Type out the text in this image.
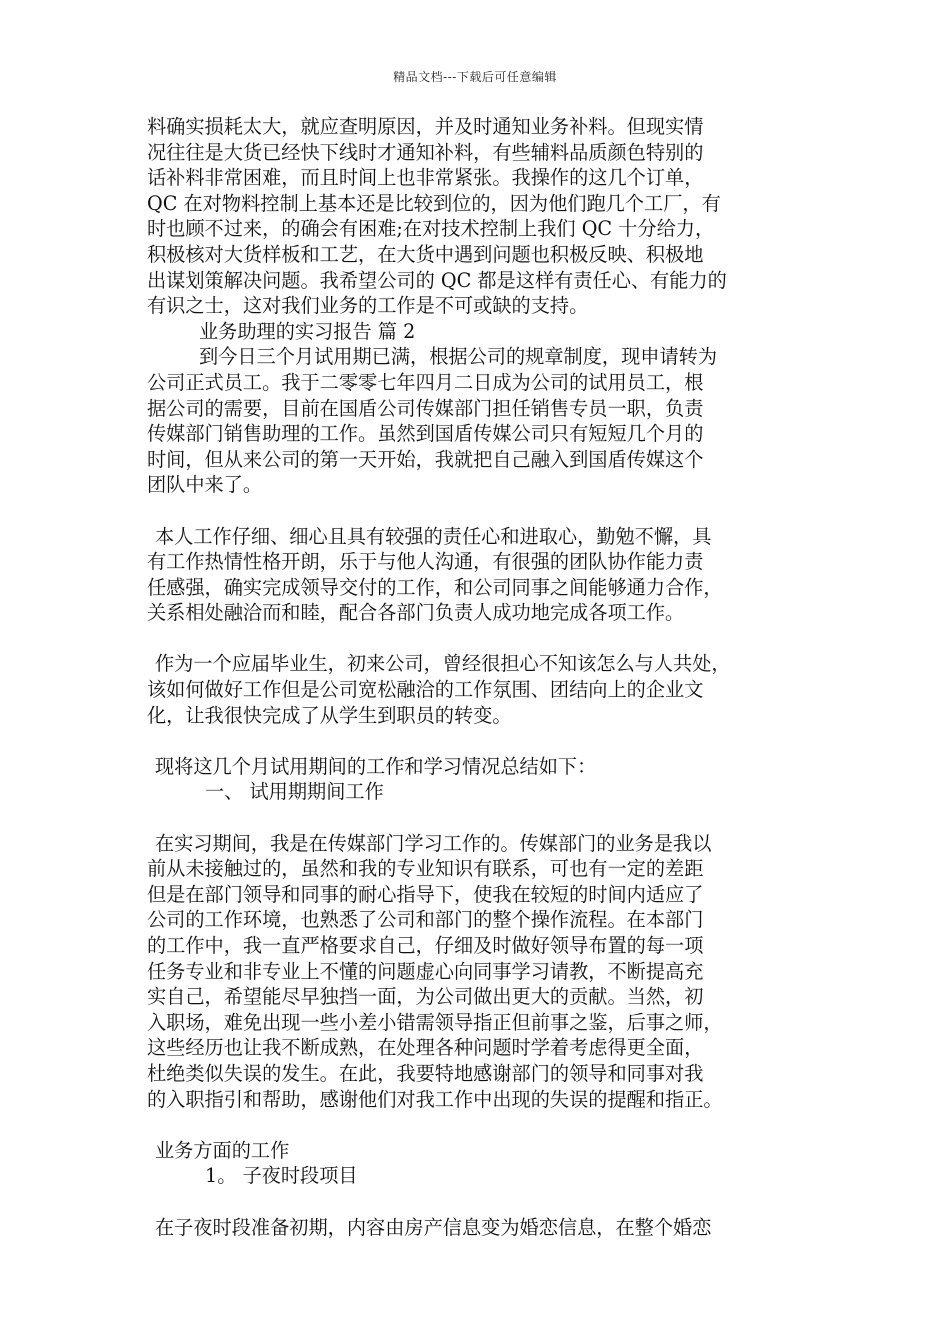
精品文档---下载后可任意编辑
料确实损耗太大，就应查明原因，并及时通知业务补料。但现实情
况往往是大货已经快下线时才通知补料，有些辅料品质颜色特别的
话补料非常困难，而且时间上也非常紧张。我操作的这几个订单，
QC 在对物料控制上基本还是比较到位的，因为他们跑几个工厂，有
时也顾不过来，的确会有困难;在对技术控制上我们 QC 十分给力，
积极核对大货样板和工艺，在大货中遇到问题也积极反映、积极地
出谋划策解决问题。我希望公司的 QC 都是这样有责任心、有能力的
有识之士，这对我们业务的工作是不可或缺的支持。
业务助理的实习报告 篇 2
到今日三个月试用期已满，根据公司的规章制度，现申请转为
公司正式员工。我于二零零七年四月二日成为公司的试用员工，根
据公司的需要，目前在国盾公司传媒部门担任销售专员一职，负责
传媒部门销售助理的工作。虽然到国盾传媒公司只有短短几个月的
时间，但从来公司的第一天开始，我就把自己融入到国盾传媒这个
团队中来了。
本人工作仔细、细心且具有较强的责任心和进取心，勤勉不懈，具
有工作热情性格开朗，乐于与他人沟通，有很强的团队协作能力责
任感强，确实完成领导交付的工作，和公司同事之间能够通力合作，
关系相处融洽而和睦，配合各部门负责人成功地完成各项工作。
作为一个应届毕业生，初来公司，曾经很担心不知该怎么与人共处，
该如何做好工作但是公司宽松融洽的工作氛围、团结向上的企业文
化，让我很快完成了从学生到职员的转变。
现将这几个月试用期间的工作和学习情况总结如下：
一、 试用期期间工作
在实习期间，我是在传媒部门学习工作的。传媒部门的业务是我以
前从未接触过的，虽然和我的专业知识有联系，可也有一定的差距
但是在部门领导和同事的耐心指导下，使我在较短的时间内适应了
公司的工作环境，也熟悉了公司和部门的整个操作流程。在本部门
的工作中，我一直严格要求自己，仔细及时做好领导布置的每一项
任务专业和非专业上不懂的问题虚心向同事学习请教，不断提高充
实自己，希望能尽早独挡一面，为公司做出更大的贡献。当然，初
入职场，难免出现一些小差小错需领导指正但前事之鉴，后事之师，
这些经历也让我不断成熟，在处理各种问题时学着考虑得更全面，
杜绝类似失误的发生。在此，我要特地感谢部门的领导和同事对我
的入职指引和帮助，感谢他们对我工作中出现的失误的提醒和指正。
业务方面的工作
1。 子夜时段项目
在子夜时段准备初期，内容由房产信息变为婚恋信息，在整个婚恋
